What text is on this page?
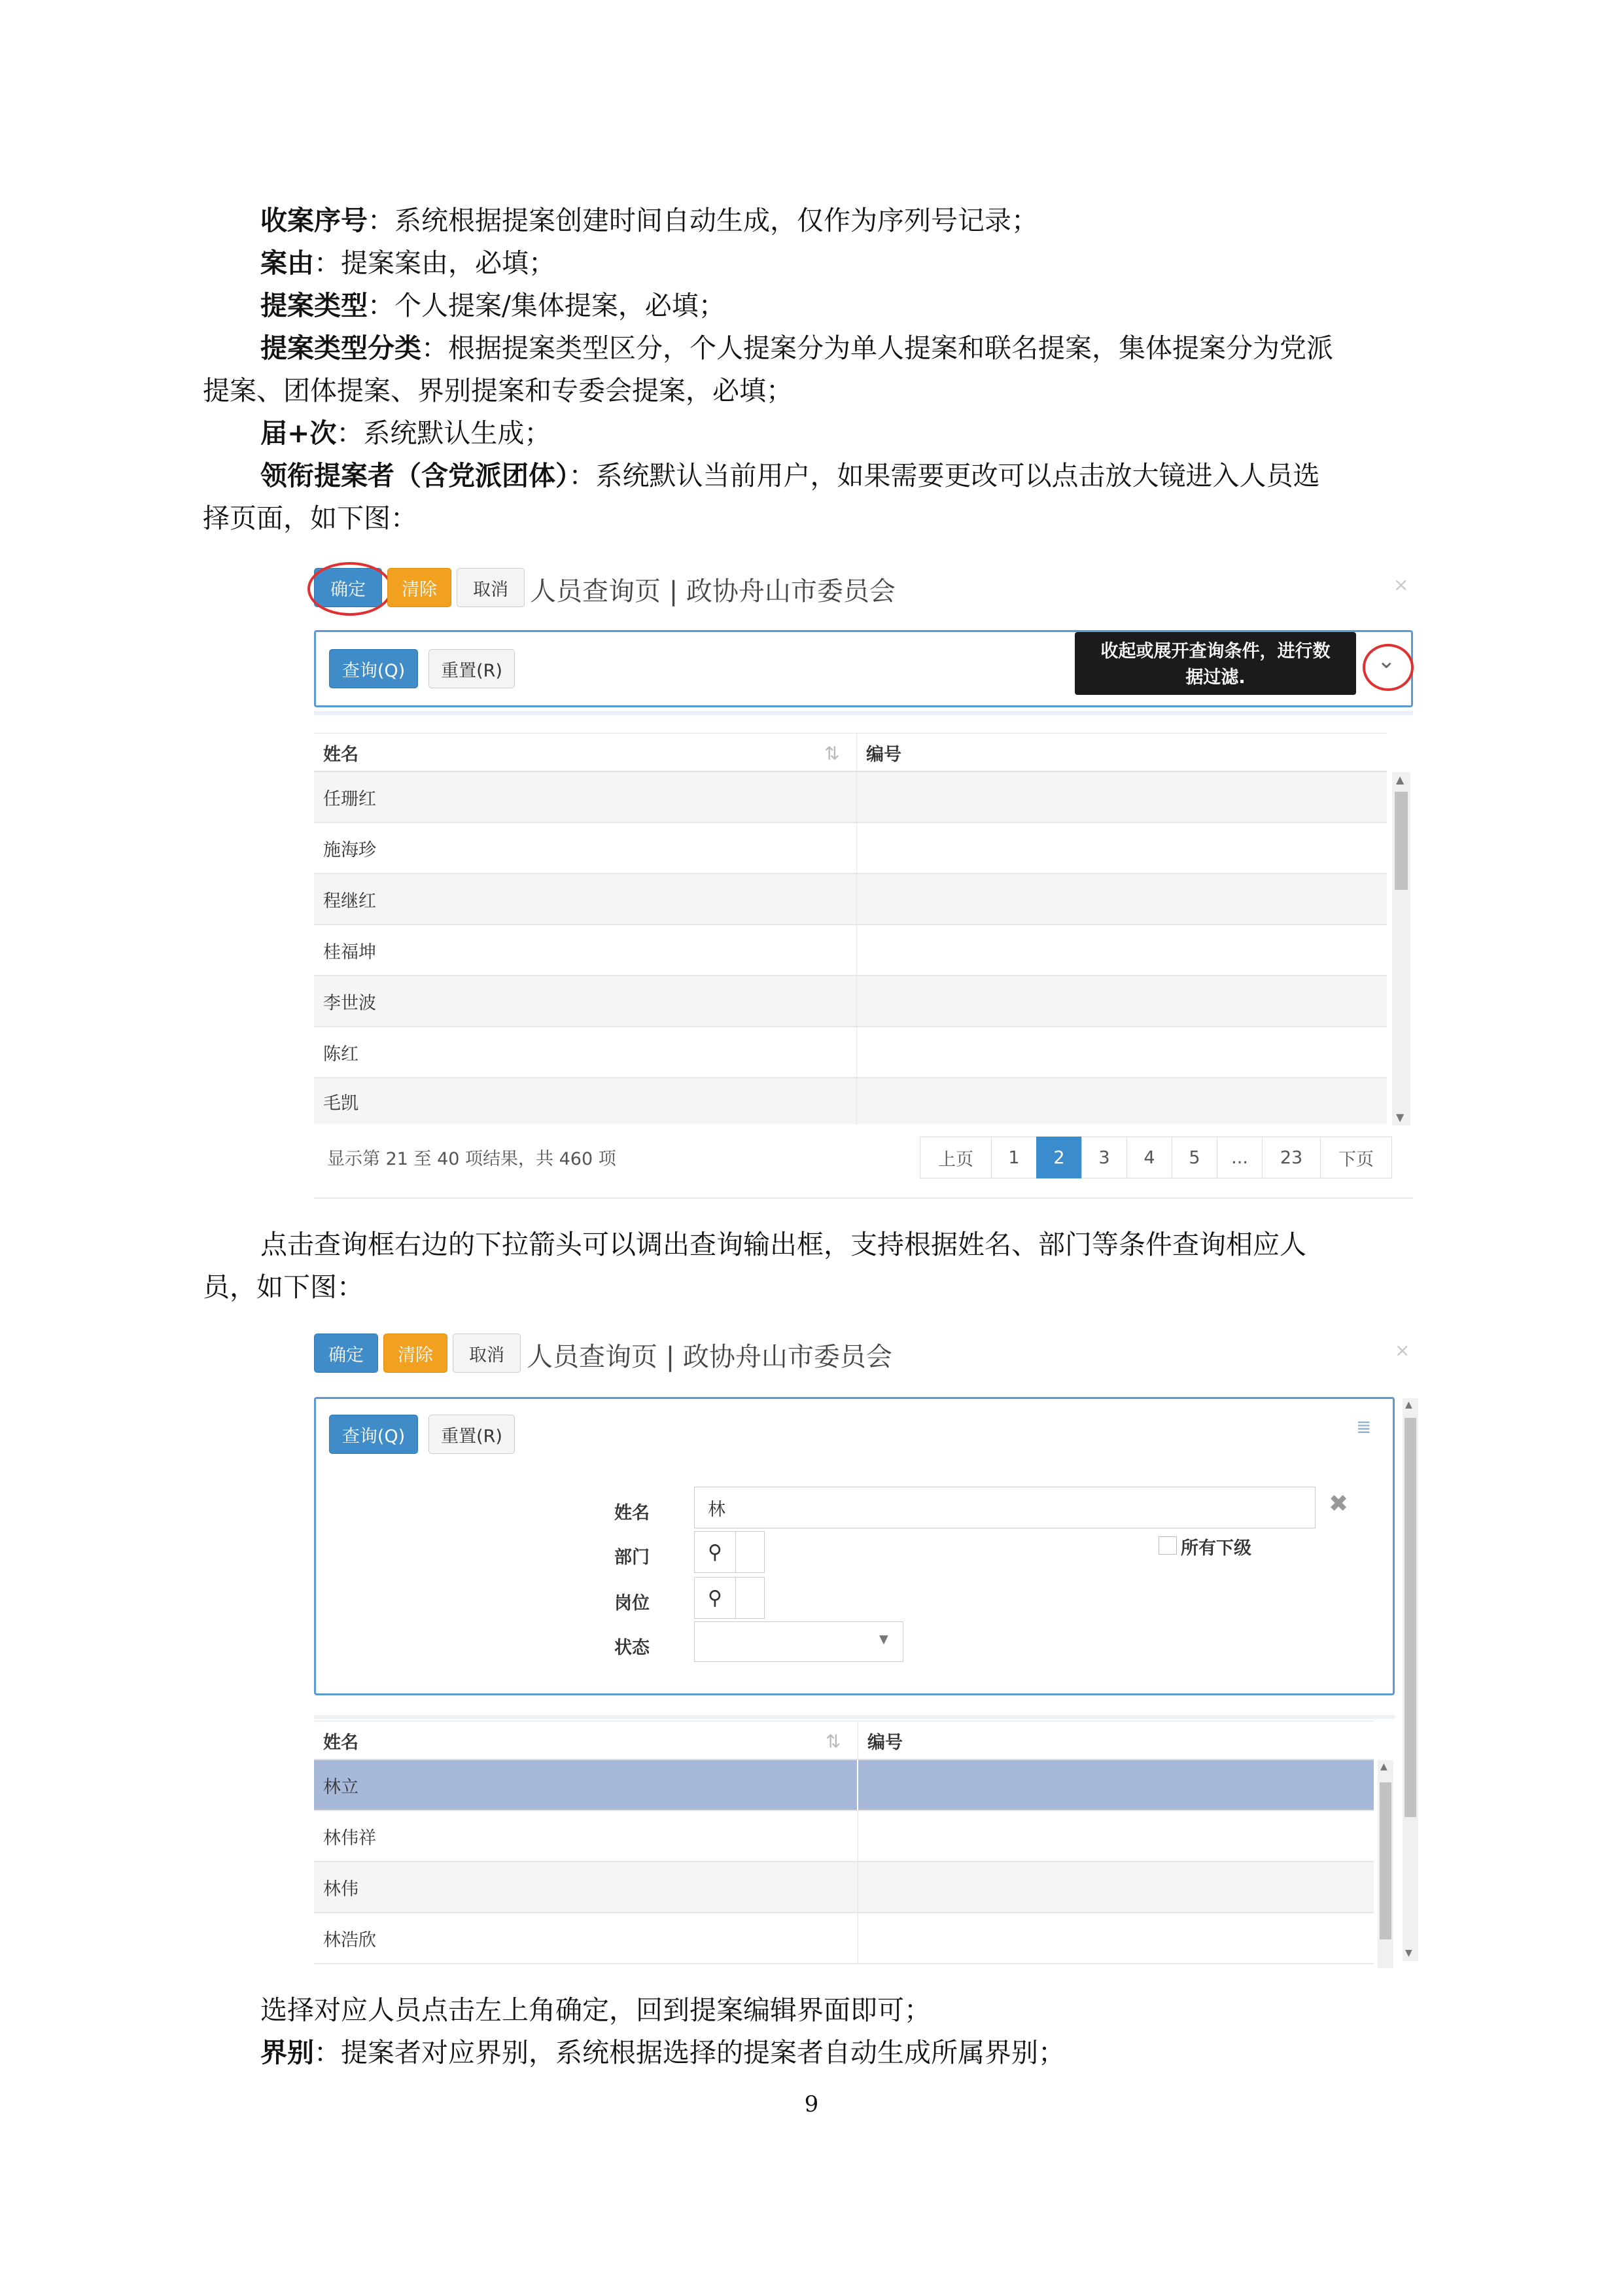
收案序号：系统根据提案创建时间自动生成，仅作为序列号记录；
案由：提案案由，必填；
提案类型：个人提案/集体提案，必填；
提案类型分类：根据提案类型区分，个人提案分为单人提案和联名提案，集体提案分为党派
提案、团体提案、界别提案和专委会提案，必填；
届+次：系统默认生成；
领衔提案者（含党派团体）：系统默认当前用户，如果需要更改可以点击放大镜进入人员选
择页面，如下图：
确定	清除	取消 人员查询页 | 政协舟山市委员会	×
查询(Q)	重置(R)
收起或展开查询条件，进行数
据过滤.
⌄
姓名	⇅	编号
任珊红
施海珍
程继红
桂福坤
李世波
陈红
毛凯
▲
▼
显示第 21 至 40 项结果，共 460 项	上页	1	2	3	4	5	...	23	下页
点击查询框右边的下拉箭头可以调出查询输出框，支持根据姓名、部门等条件查询相应人
员，如下图：
确定	清除	取消 人员查询页 | 政协舟山市委员会	×
查询(Q)	重置(R)	≣
姓名	林	✖
部门	⚲	所有下级
岗位	⚲
状态	▼
▲
▼
姓名	⇅	编号
林立
林伟祥
林伟
林浩欣
▲
选择对应人员点击左上角确定，回到提案编辑界面即可；
界别：提案者对应界别，系统根据选择的提案者自动生成所属界别；
9
